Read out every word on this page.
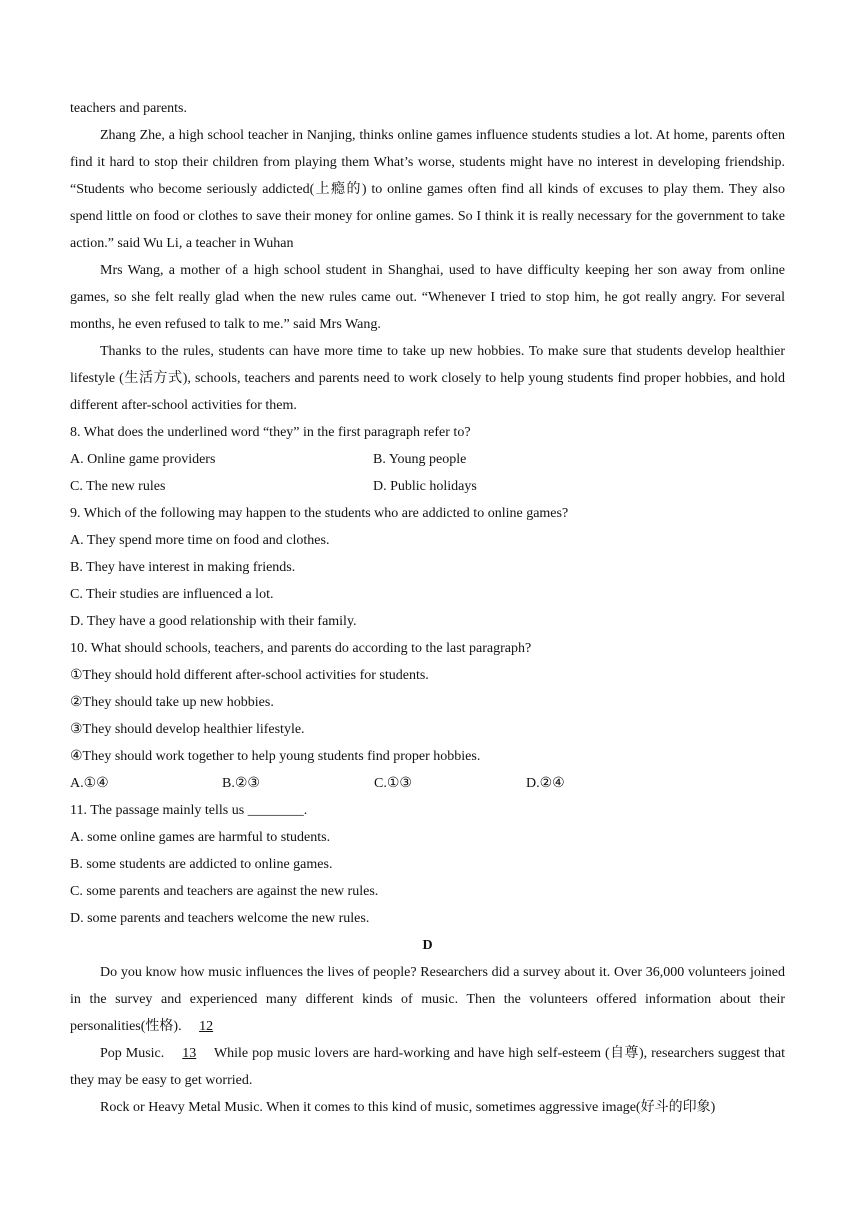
teachers and parents.

Zhang Zhe, a high school teacher in Nanjing, thinks online games influence students studies a lot. At home, parents often find it hard to stop their children from playing them What’s worse, students might have no interest in developing friendship. “Students who become seriously addicted(上瘾的) to online games often find all kinds of excuses to play them. They also spend little on food or clothes to save their money for online games. So I think it is really necessary for the government to take action.” said Wu Li, a teacher in Wuhan

Mrs Wang, a mother of a high school student in Shanghai, used to have difficulty keeping her son away from online games, so she felt really glad when the new rules came out. “Whenever I tried to stop him, he got really angry. For several months, he even refused to talk to me.” said Mrs Wang.

Thanks to the rules, students can have more time to take up new hobbies. To make sure that students develop healthier lifestyle (生活方式), schools, teachers and parents need to work closely to help young students find proper hobbies, and hold different after-school activities for them.

8. What does the underlined word “they” in the first paragraph refer to?
A. Online game providers	B. Young people
C. The new rules	D. Public holidays
9. Which of the following may happen to the students who are addicted to online games?
A. They spend more time on food and clothes.
B. They have interest in making friends.
C. Their studies are influenced a lot.
D. They have a good relationship with their family.
10. What should schools, teachers, and parents do according to the last paragraph?
①They should hold different after-school activities for students.
②They should take up new hobbies.
③They should develop healthier lifestyle.
④They should work together to help young students find proper hobbies.
A.①④	B.②③	C.①③	D.②④
11. The passage mainly tells us ________.
A. some online games are harmful to students.
B. some students are addicted to online games.
C. some parents and teachers are against the new rules.
D. some parents and teachers welcome the new rules.
D

Do you know how music influences the lives of people? Researchers did a survey about it. Over 36,000 volunteers joined in the survey and experienced many different kinds of music. Then the volunteers offered information about their personalities(性格). 12

Pop Music. 13 While pop music lovers are hard-working and have high self-esteem (自尊), researchers suggest that they may be easy to get worried.

Rock or Heavy Metal Music. When it comes to this kind of music, sometimes aggressive image(好斗的印象)
